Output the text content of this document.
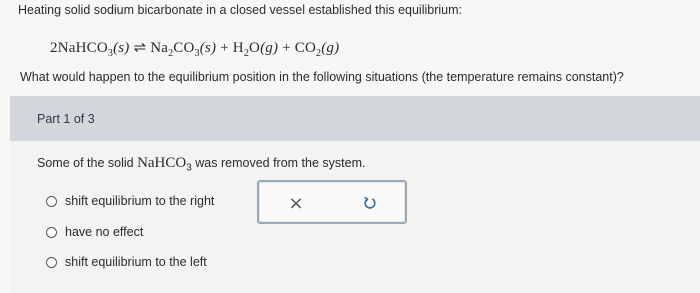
Heating solid sodium bicarbonate in a closed vessel established this equilibrium:
2NaHCO$_3$(s) ⇌ $Na_2CO_3(s) + H_2O(g) + CO_2(g)$
What would happen to the equilibrium position in the following situations (the temperature remains constant)?
Part 1 of 3
Some of the solid NaHCO$_3$ was removed from the system.
shift equilibrium to the right
have no effect
shift equilibrium to the left
×
